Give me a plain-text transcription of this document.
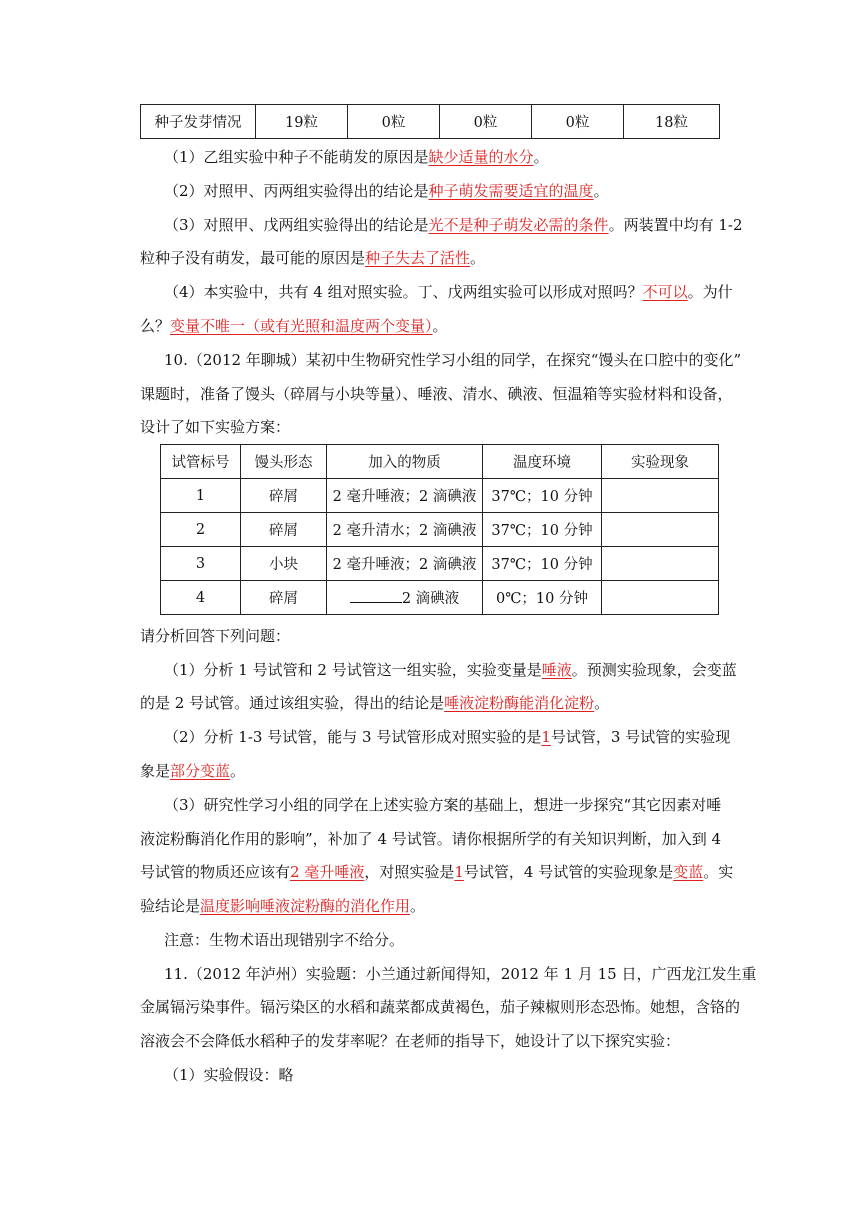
种子发芽情况	19粒	0粒	0粒	0粒	18粒
（1）乙组实验中种子不能萌发的原因是缺少适量的水分。
（2）对照甲、丙两组实验得出的结论是种子萌发需要适宜的温度。
（3）对照甲、戊两组实验得出的结论是光不是种子萌发必需的条件。两装置中均有 1-2
粒种子没有萌发，最可能的原因是种子失去了活性。
（4）本实验中，共有 4 组对照实验。丁、戊两组实验可以形成对照吗？不可以。为什
么？变量不唯一（或有光照和温度两个变量）。
10.（2012 年聊城）某初中生物研究性学习小组的同学，在探究“馒头在口腔中的变化”
课题时，准备了馒头（碎屑与小块等量）、唾液、清水、碘液、恒温箱等实验材料和设备，
设计了如下实验方案：
试管标号	馒头形态	加入的物质	温度环境	实验现象
1	碎屑	2 毫升唾液；2 滴碘液	37℃；10 分钟	
2	碎屑	2 毫升清水；2 滴碘液	37℃；10 分钟	
3	小块	2 毫升唾液；2 滴碘液	37℃；10 分钟	
4	碎屑	2 滴碘液	0℃；10 分钟	
请分析回答下列问题：
（1）分析 1 号试管和 2 号试管这一组实验，实验变量是唾液。预测实验现象，会变蓝
的是 2 号试管。通过该组实验，得出的结论是唾液淀粉酶能消化淀粉。
（2）分析 1-3 号试管，能与 3 号试管形成对照实验的是1号试管，3 号试管的实验现
象是部分变蓝。
（3）研究性学习小组的同学在上述实验方案的基础上，想进一步探究“其它因素对唾
液淀粉酶消化作用的影响”，补加了 4 号试管。请你根据所学的有关知识判断，加入到 4
号试管的物质还应该有2 毫升唾液，对照实验是1号试管，4 号试管的实验现象是变蓝。实
验结论是温度影响唾液淀粉酶的消化作用。
注意：生物术语出现错别字不给分。
11.（2012 年泸州）实验题：小兰通过新闻得知，2012 年 1 月 15 日，广西龙江发生重
金属镉污染事件。镉污染区的水稻和蔬菜都成黄褐色，茄子辣椒则形态恐怖。她想，含铬的
溶液会不会降低水稻种子的发芽率呢？在老师的指导下，她设计了以下探究实验：
（1）实验假设：略
